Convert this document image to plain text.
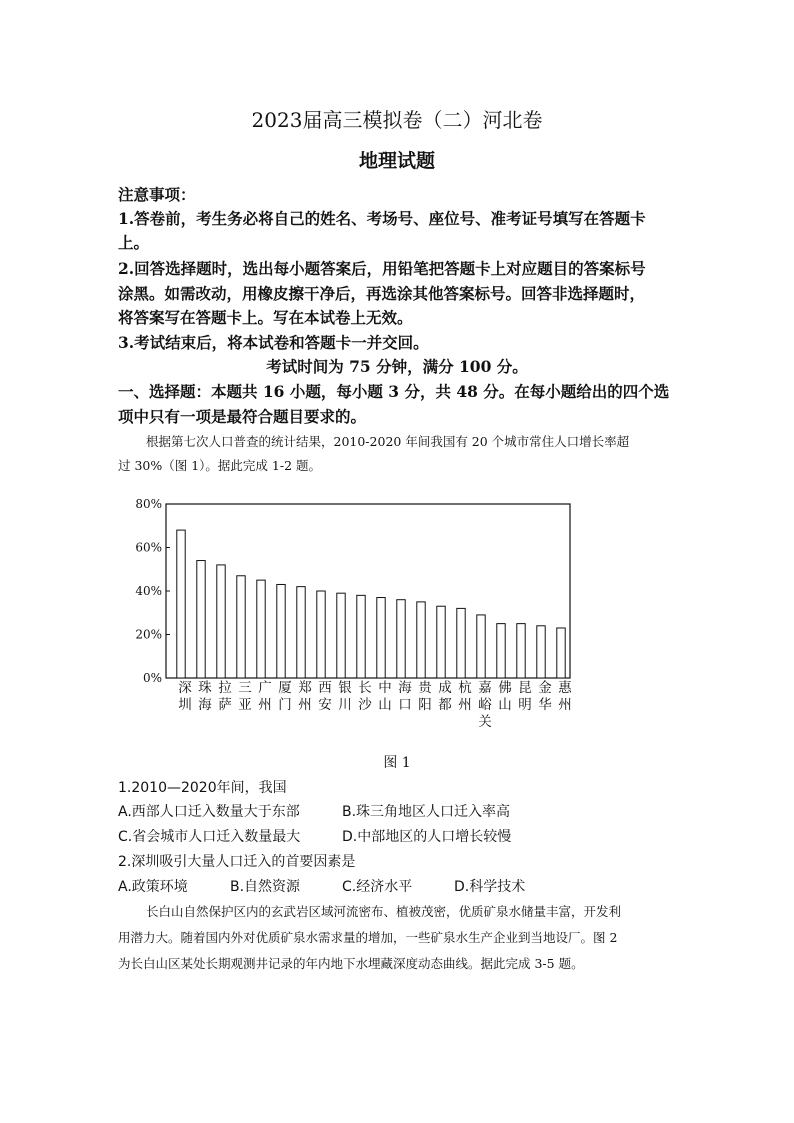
2023届高三模拟卷（二）河北卷
地理试题
注意事项：
1.答卷前，考生务必将自己的姓名、考场号、座位号、准考证号填写在答题卡
上。
2.回答选择题时，选出每小题答案后，用铅笔把答题卡上对应题目的答案标号
涂黑。如需改动，用橡皮擦干净后，再选涂其他答案标号。回答非选择题时，
将答案写在答题卡上。写在本试卷上无效。
3.考试结束后，将本试卷和答题卡一并交回。
考试时间为 75 分钟，满分 100 分。
一、选择题：本题共 16 小题，每小题 3 分，共 48 分。在每小题给出的四个选
项中只有一项是最符合题目要求的。
根据第七次人口普查的统计结果，2010-2020 年间我国有 20 个城市常住人口增长率超
过 30%（图 1）。据此完成 1-2 题。
0%
20%
40%
60%
80%
深圳
珠海
拉萨
三亚
广州
厦门
郑州
西安
银川
长沙
中山
海口
贵阳
成都
杭州
嘉峪关
佛山
昆明
金华
惠州
图 1
1.2010—2020年间，我国
A.西部人口迁入数量大于东部	B.珠三角地区人口迁入率高
C.省会城市人口迁入数量最大	D.中部地区的人口增长较慢
2.深圳吸引大量人口迁入的首要因素是
A.政策环境	B.自然资源	C.经济水平	D.科学技术
长白山自然保护区内的玄武岩区域河流密布、植被茂密，优质矿泉水储量丰富，开发利
用潜力大。随着国内外对优质矿泉水需求量的增加，一些矿泉水生产企业到当地设厂。图 2
为长白山区某处长期观测井记录的年内地下水埋藏深度动态曲线。据此完成 3-5 题。
